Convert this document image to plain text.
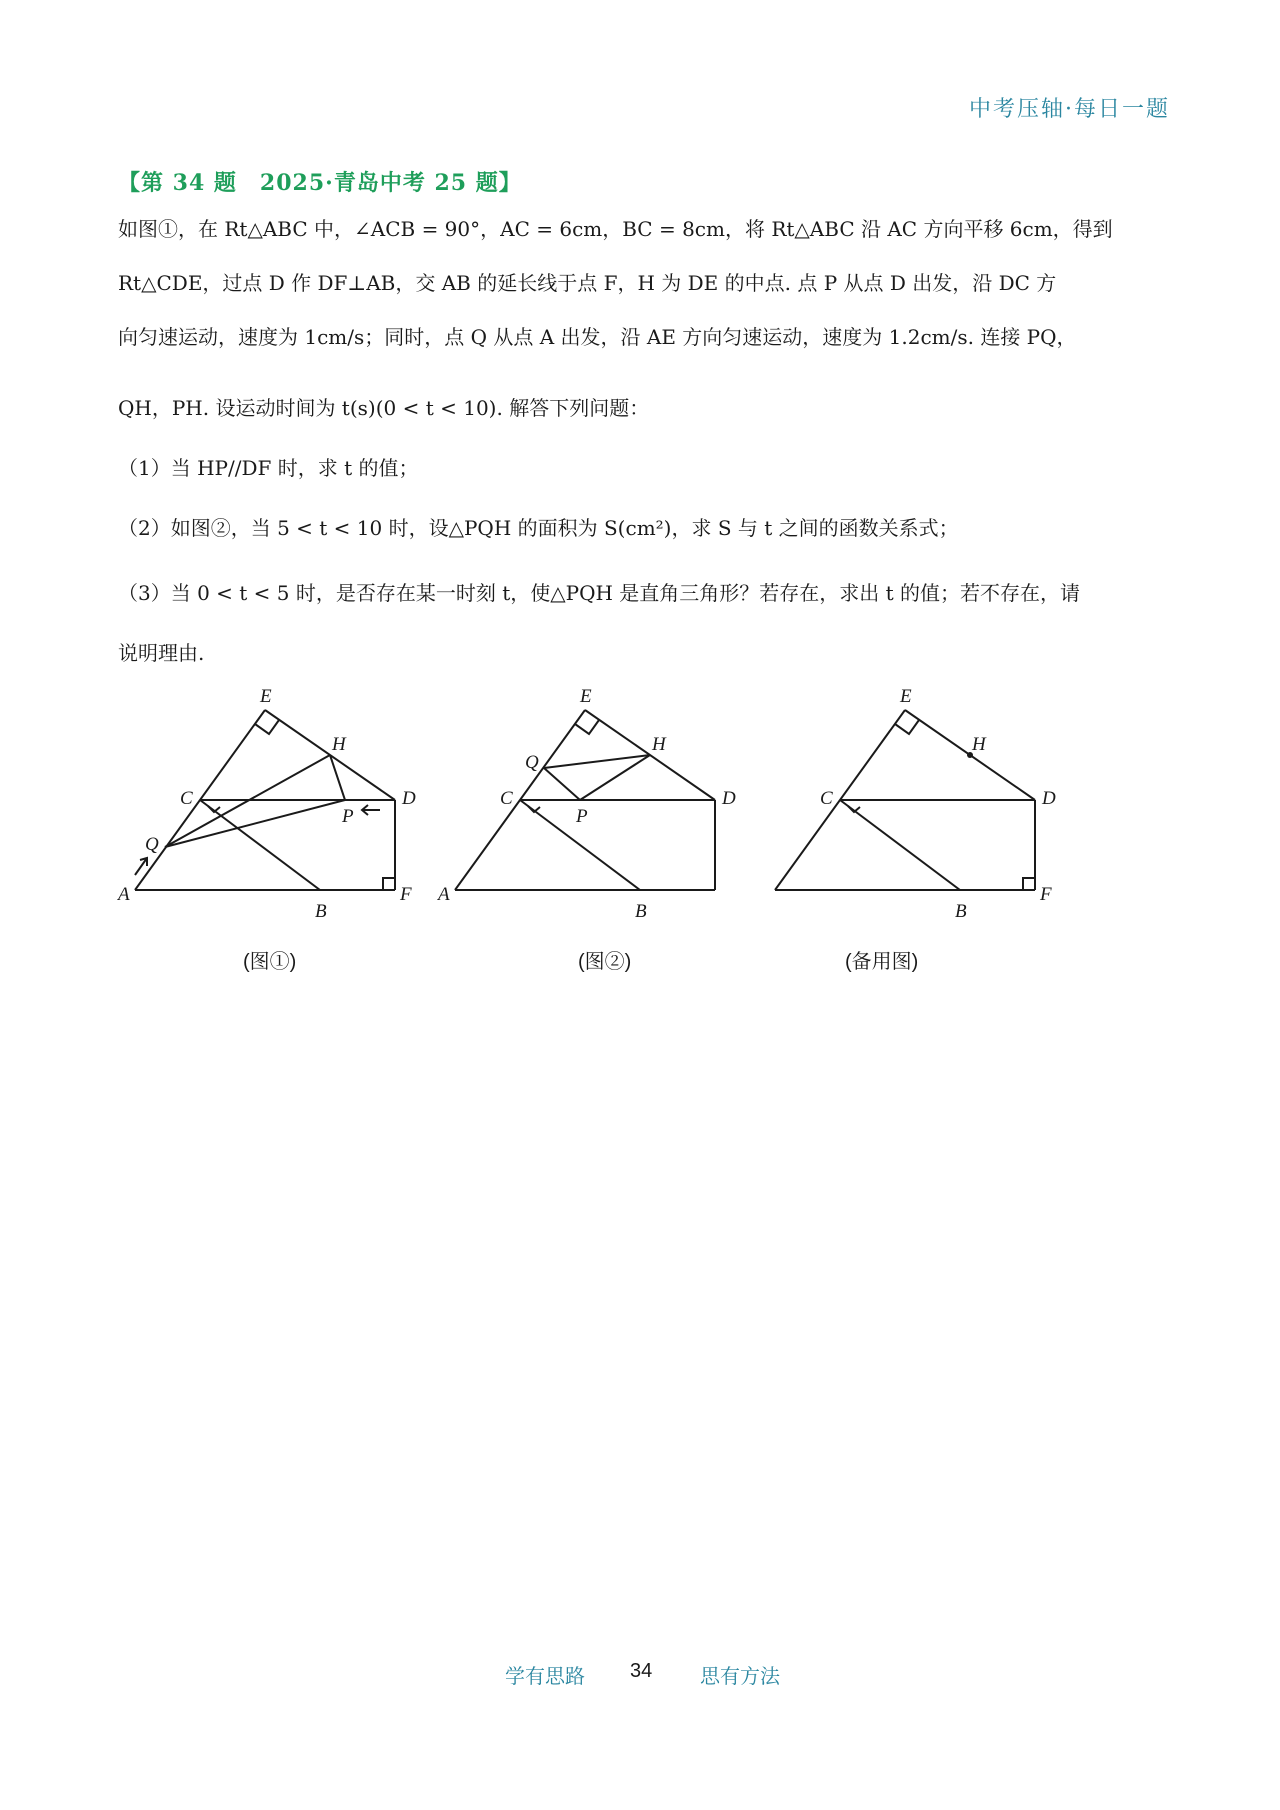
中考压轴·每日一题
【第 34 题　2025·青岛中考 25 题】
如图①，在 Rt△ABC 中，∠ACB = 90°，AC = 6cm，BC = 8cm，将 Rt△ABC 沿 AC 方向平移 6cm，得到
Rt△CDE，过点 D 作 DF⊥AB，交 AB 的延长线于点 F，H 为 DE 的中点. 点 P 从点 D 出发，沿 DC 方
向匀速运动，速度为 1cm/s；同时，点 Q 从点 A 出发，沿 AE 方向匀速运动，速度为 1.2cm/s. 连接 PQ，
QH，PH. 设运动时间为 t(s)(0 < t < 10). 解答下列问题：
（1）当 HP//DF 时，求 t 的值；
（2）如图②，当 5 < t < 10 时，设△PQH 的面积为 S(cm²)，求 S 与 t 之间的函数关系式；
（3）当 0 < t < 5 时，是否存在某一时刻 t，使△PQH 是直角三角形？若存在，求出 t 的值；若不存在，请
说明理由.
E
H
C	D
P
Q
A
B
F
E
H
Q
C	D
P
A
B
E
H
C	D
B
F
(图①)	(图②)	(备用图)
学有思路 34 思有方法
